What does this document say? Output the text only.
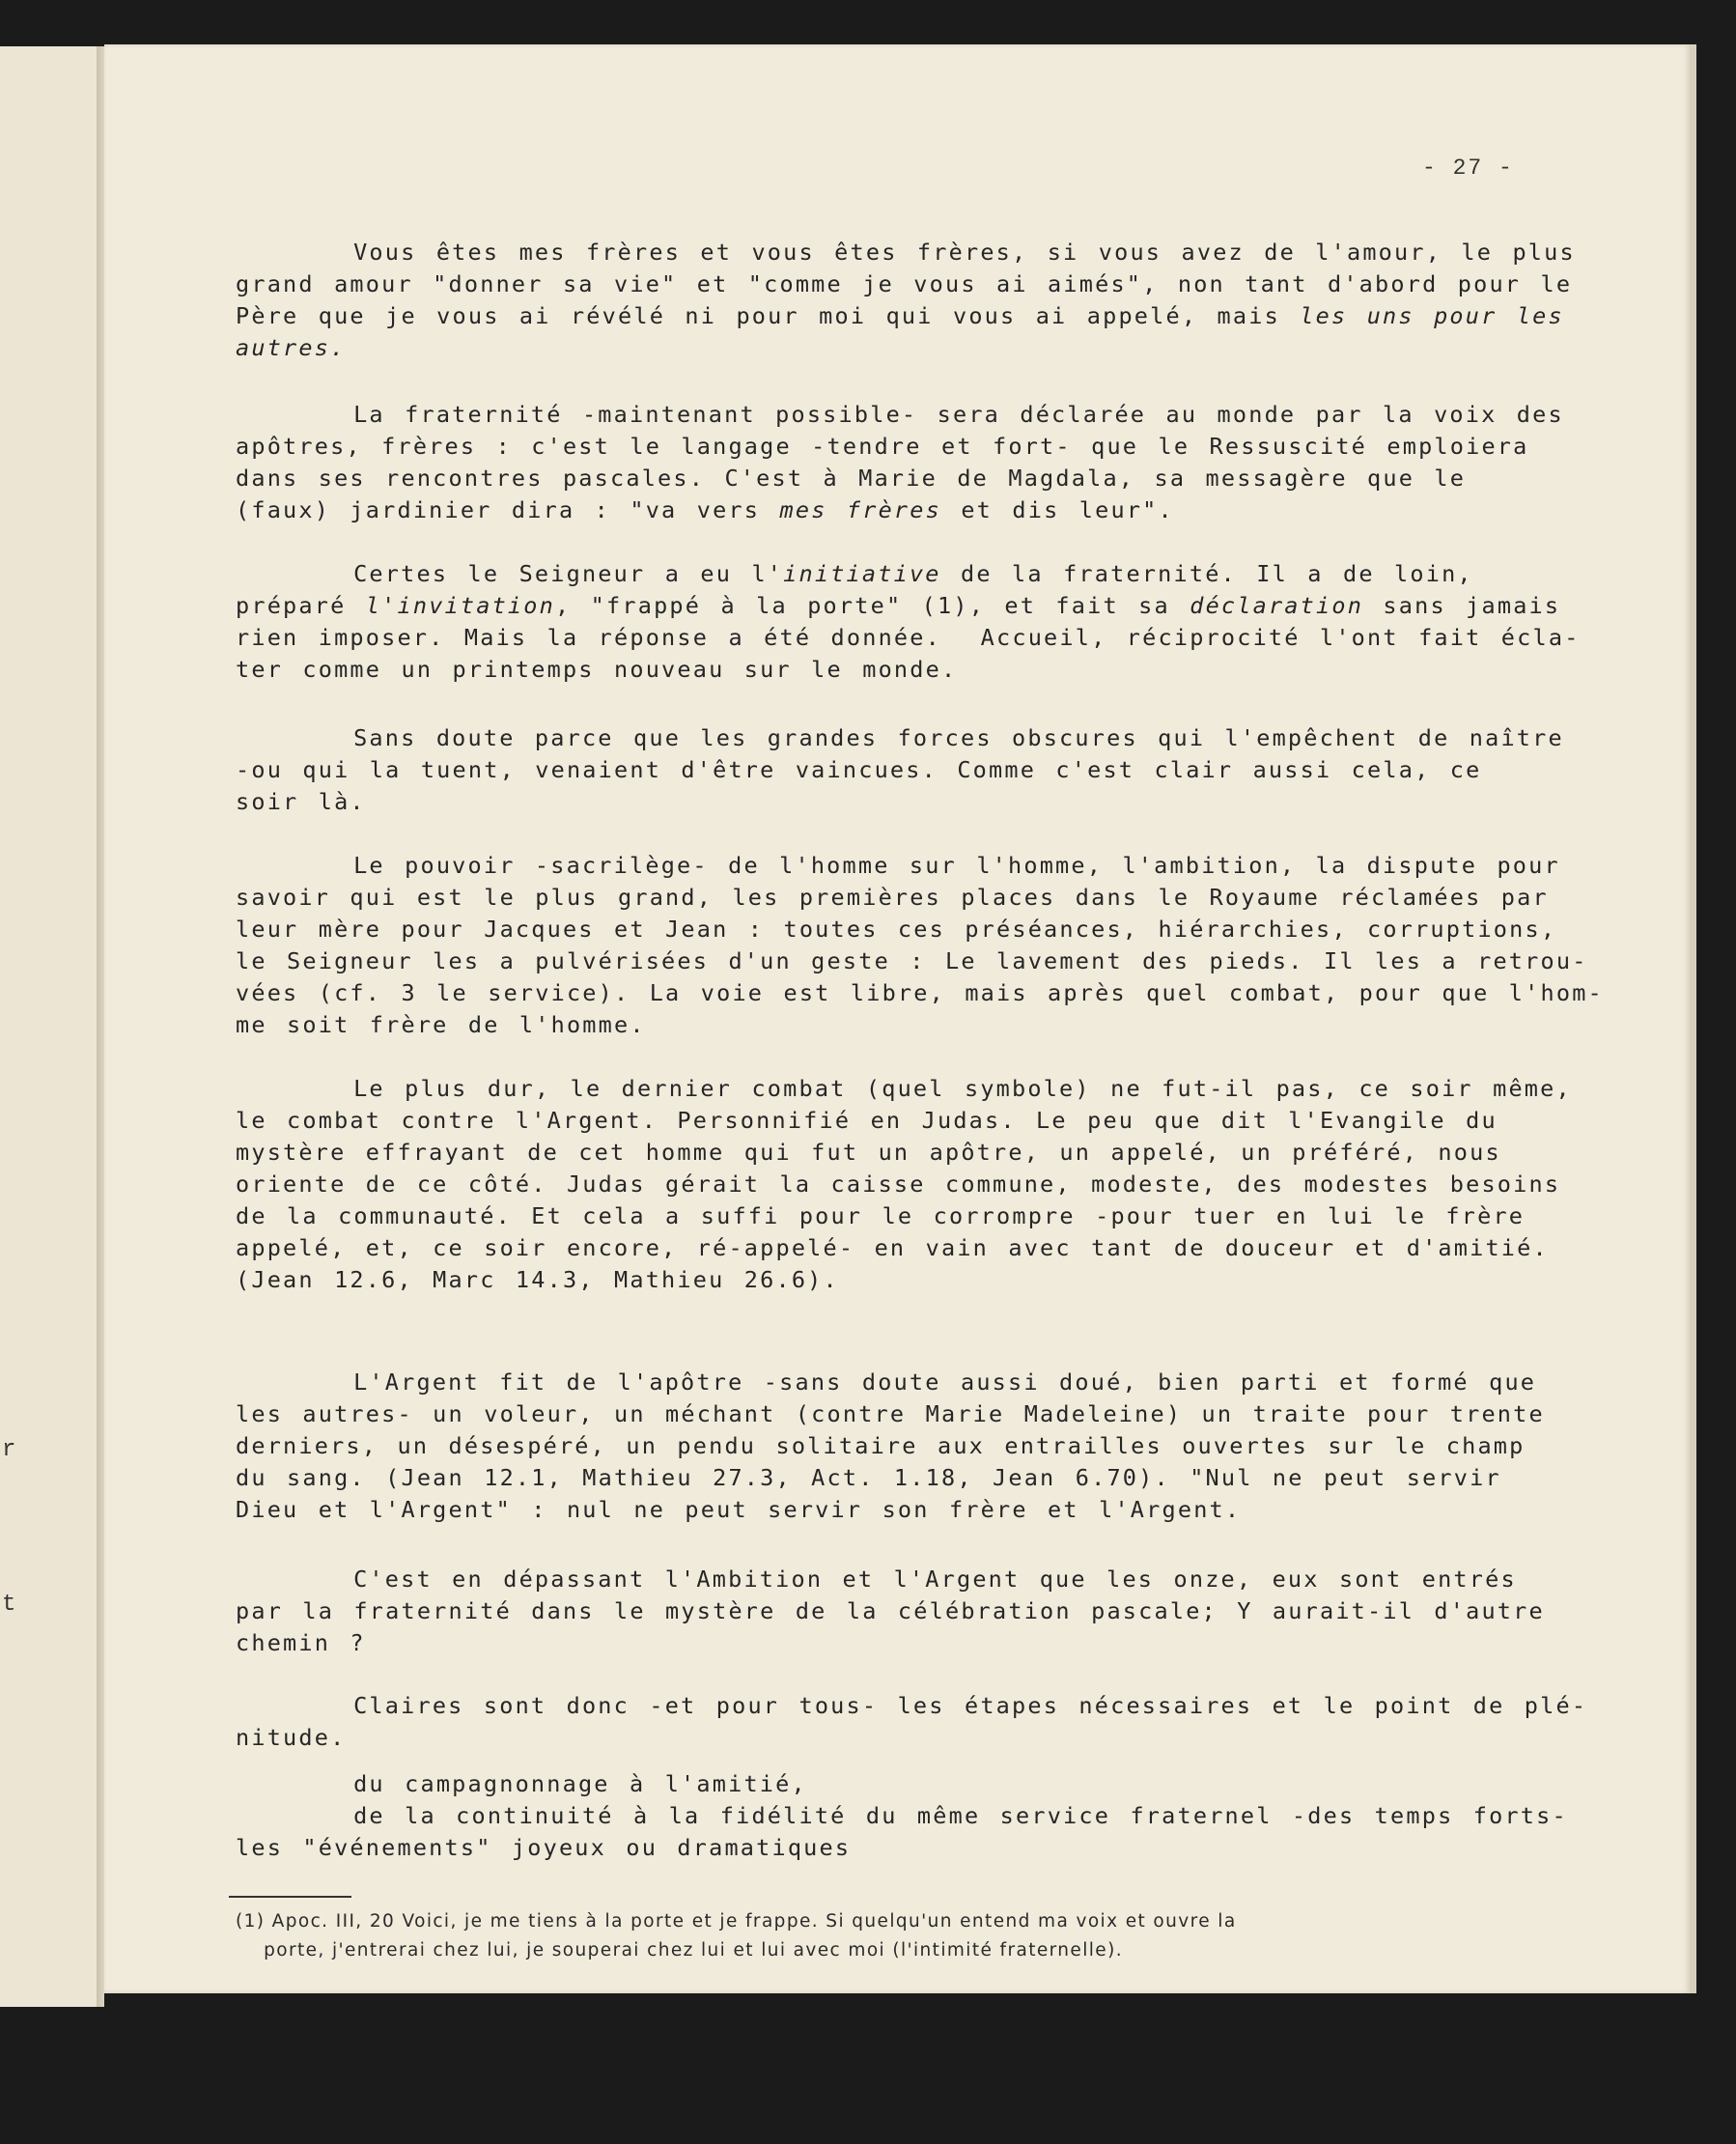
r
t
- 27 -
Vous êtes mes frères et vous êtes frères, si vous avez de l'amour, le plus
grand amour "donner sa vie" et "comme je vous ai aimés", non tant d'abord pour le
Père que je vous ai révélé ni pour moi qui vous ai appelé, mais les uns pour les
autres.
La fraternité -maintenant possible- sera déclarée au monde par la voix des
apôtres, frères : c'est le langage -tendre et fort- que le Ressuscité emploiera
dans ses rencontres pascales. C'est à Marie de Magdala, sa messagère que le
(faux) jardinier dira : "va vers mes frères et dis leur".
Certes le Seigneur a eu l'initiative de la fraternité. Il a de loin,
préparé l'invitation, "frappé à la porte" (1), et fait sa déclaration sans jamais
rien imposer. Mais la réponse a été donnée.  Accueil, réciprocité l'ont fait écla-
ter comme un printemps nouveau sur le monde.
Sans doute parce que les grandes forces obscures qui l'empêchent de naître
-ou qui la tuent, venaient d'être vaincues. Comme c'est clair aussi cela, ce
soir là.
Le pouvoir -sacrilège- de l'homme sur l'homme, l'ambition, la dispute pour
savoir qui est le plus grand, les premières places dans le Royaume réclamées par
leur mère pour Jacques et Jean : toutes ces préséances, hiérarchies, corruptions,
le Seigneur les a pulvérisées d'un geste : Le lavement des pieds. Il les a retrou-
vées (cf. 3 le service). La voie est libre, mais après quel combat, pour que l'hom-
me soit frère de l'homme.
Le plus dur, le dernier combat (quel symbole) ne fut-il pas, ce soir même,
le combat contre l'Argent. Personnifié en Judas. Le peu que dit l'Evangile du
mystère effrayant de cet homme qui fut un apôtre, un appelé, un préféré, nous
oriente de ce côté. Judas gérait la caisse commune, modeste, des modestes besoins
de la communauté. Et cela a suffi pour le corrompre -pour tuer en lui le frère
appelé, et, ce soir encore, ré-appelé- en vain avec tant de douceur et d'amitié.
(Jean 12.6, Marc 14.3, Mathieu 26.6).
L'Argent fit de l'apôtre -sans doute aussi doué, bien parti et formé que
les autres- un voleur, un méchant (contre Marie Madeleine) un traite pour trente
derniers, un désespéré, un pendu solitaire aux entrailles ouvertes sur le champ
du sang. (Jean 12.1, Mathieu 27.3, Act. 1.18, Jean 6.70). "Nul ne peut servir
Dieu et l'Argent" : nul ne peut servir son frère et l'Argent.
C'est en dépassant l'Ambition et l'Argent que les onze, eux sont entrés
par la fraternité dans le mystère de la célébration pascale; Y aurait-il d'autre
chemin ?
Claires sont donc -et pour tous- les étapes nécessaires et le point de plé-
nitude.
du campagnonnage à l'amitié,
de la continuité à la fidélité du même service fraternel -des temps forts-
les "événements" joyeux ou dramatiques
(1) Apoc. III, 20 Voici, je me tiens à la porte et je frappe. Si quelqu'un entend ma voix et ouvre la
porte, j'entrerai chez lui, je souperai chez lui et lui avec moi (l'intimité fraternelle).
